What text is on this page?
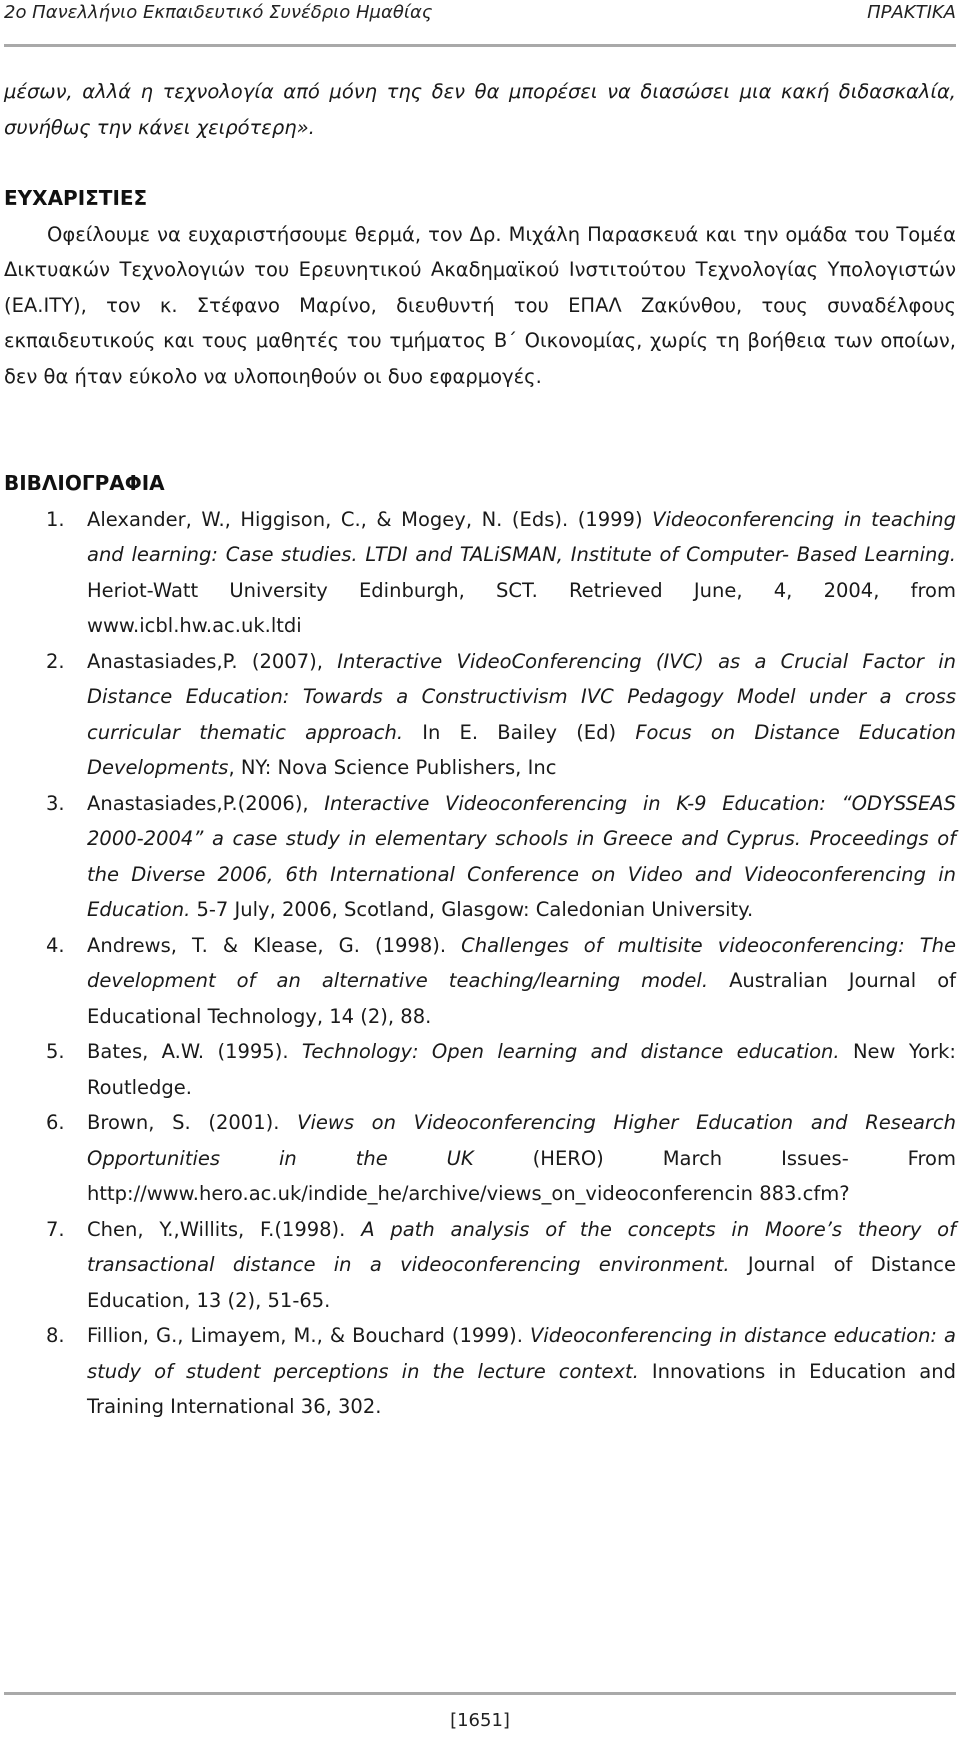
2ο Πανελλήνιο Εκπαιδευτικό Συνέδριο Ημαθίας	ΠΡΑΚΤΙΚΑ

μέσων, αλλά η τεχνολογία από μόνη της δεν θα μπορέσει να διασώσει μια κακή διδασκαλία, συνήθως την κάνει χειρότερη».

ΕΥΧΑΡΙΣΤΙΕΣ

Οφείλουμε να ευχαριστήσουμε θερμά, τον Δρ. Μιχάλη Παρασκευά και την ομάδα του Τομέα Δικτυακών Τεχνολογιών του Ερευνητικού Ακαδημαϊκού Ινστιτούτου Τεχνολογίας Υπολογιστών (ΕΑ.ΙΤΥ), τον κ. Στέφανο Μαρίνο, διευθυντή του ΕΠΑΛ Ζακύνθου, τους συναδέλφους εκπαιδευτικούς και τους μαθητές του τμήματος Β΄ Οικονομίας, χωρίς τη βοήθεια των οποίων, δεν θα ήταν εύκολο να υλοποιηθούν οι δυο εφαρμογές.

ΒΙΒΛΙΟΓΡΑΦΙΑ
1. Alexander, W., Higgison, C., & Mogey, N. (Eds). (1999) Videoconferencing in teaching and learning: Case studies. LTDI and TALiSMAN, Institute of Computer- Based Learning. Heriot-Watt University Edinburgh, SCT. Retrieved June, 4, 2004, from www.icbl.hw.ac.uk.ltdi
2. Anastasiades,P. (2007), Interactive VideoConferencing (IVC) as a Crucial Factor in Distance Education: Towards a Constructivism IVC Pedagogy Model under a cross curricular thematic approach. In E. Bailey (Ed) Focus on Distance Education Developments, NY: Nova Science Publishers, Inc
3. Anastasiades,P.(2006), Interactive Videoconferencing in K-9 Education: “ODYSSEAS 2000-2004” a case study in elementary schools in Greece and Cyprus. Proceedings of the Diverse 2006, 6th International Conference on Video and Videoconferencing in Education. 5-7 July, 2006, Scotland, Glasgow: Caledonian University.
4. Andrews, T. & Klease, G. (1998). Challenges of multisite videoconferencing: The development of an alternative teaching/learning model. Australian Journal of Educational Technology, 14 (2), 88.
5. Bates, A.W. (1995). Technology: Open learning and distance education. New York: Routledge.
6. Brown, S. (2001). Views on Videoconferencing Higher Education and Research Opportunities in the UK (HERO) March Issues- From http://www.hero.ac.uk/indide_he/archive/views_on_videoconferencin 883.cfm?
7. Chen, Y.,Willits, F.(1998). A path analysis of the concepts in Moore’s theory of transactional distance in a videoconferencing environment. Journal of Distance Education, 13 (2), 51-65.
8. Fillion, G., Limayem, M., & Bouchard (1999). Videoconferencing in distance education: a study of student perceptions in the lecture context. Innovations in Education and Training International 36, 302.
[1651]
